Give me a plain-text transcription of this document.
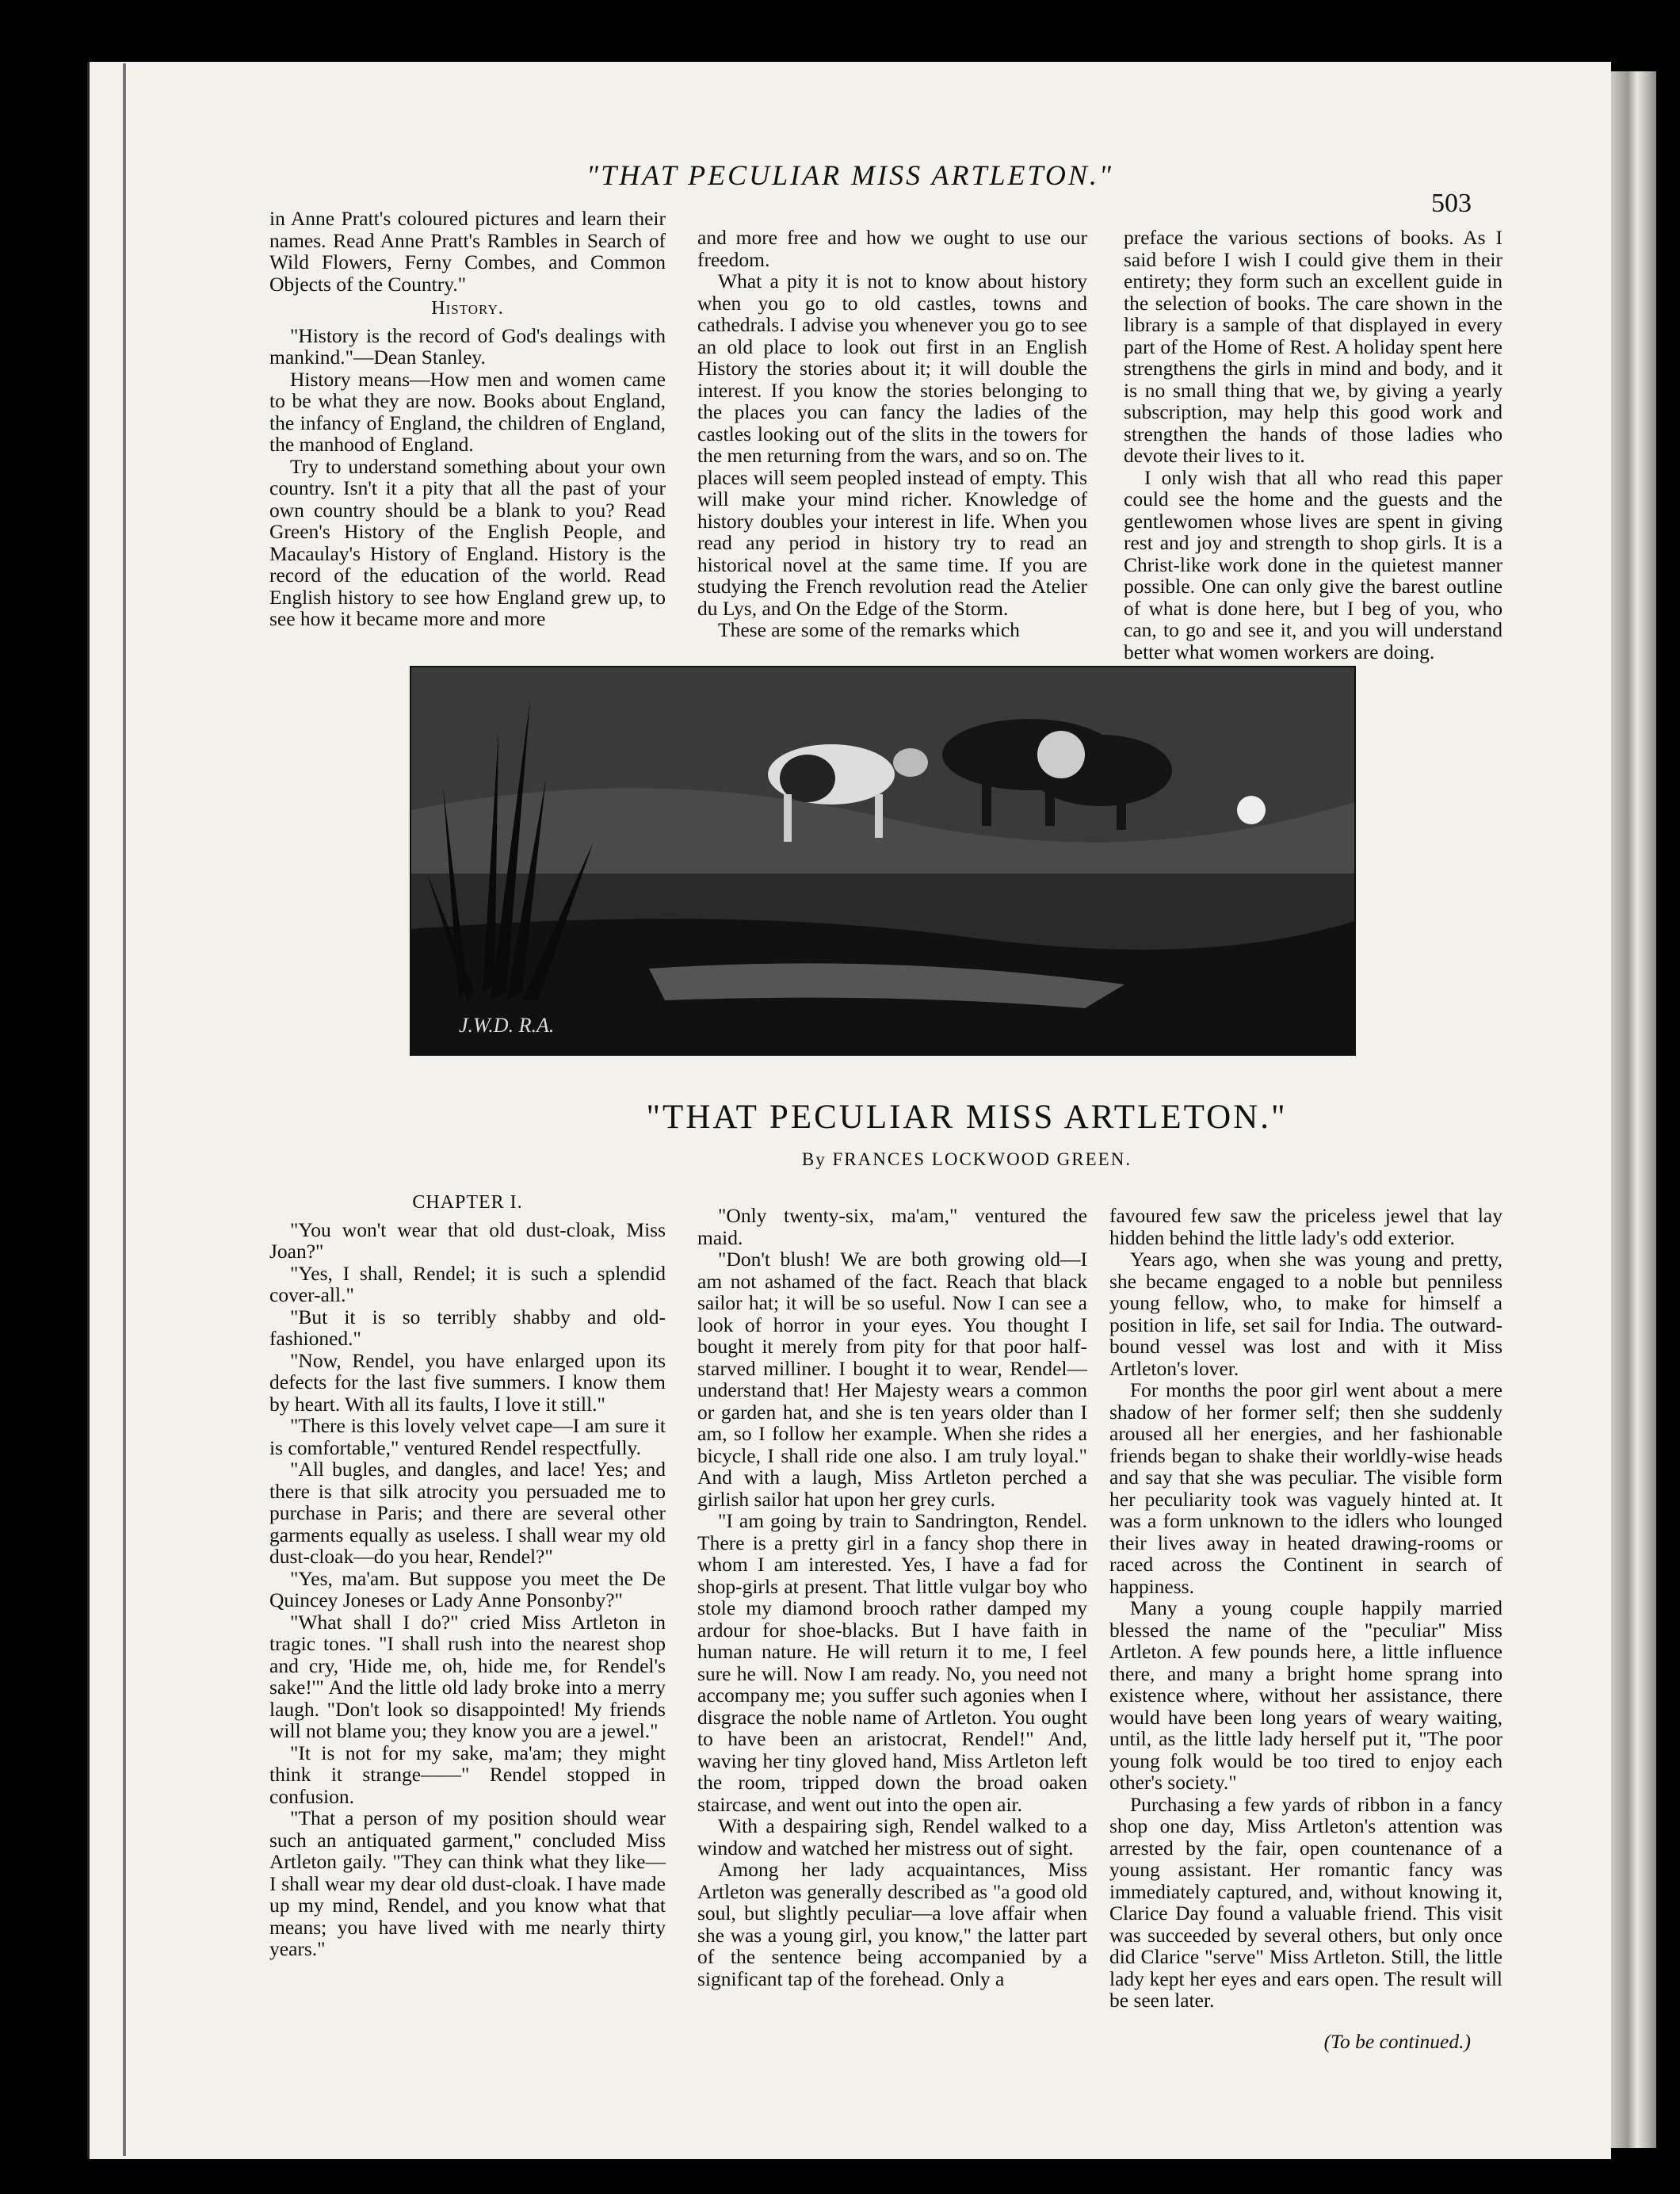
"THAT PECULIAR MISS ARTLETON."
503

in Anne Pratt's coloured pictures and learn their names. Read Anne Pratt's Rambles in Search of Wild Flowers, Ferny Combes, and Common Objects of the Country."

History.

"History is the record of God's dealings with mankind."—Dean Stanley.

History means—How men and women came to be what they are now. Books about England, the infancy of England, the children of England, the manhood of England.

Try to understand something about your own country. Isn't it a pity that all the past of your own country should be a blank to you? Read Green's History of the English People, and Macaulay's History of England. History is the record of the education of the world. Read English history to see how England grew up, to see how it became more and more

and more free and how we ought to use our freedom.

What a pity it is not to know about history when you go to old castles, towns and cathedrals. I advise you whenever you go to see an old place to look out first in an English History the stories about it; it will double the interest. If you know the stories belonging to the places you can fancy the ladies of the castles looking out of the slits in the towers for the men returning from the wars, and so on. The places will seem peopled instead of empty. This will make your mind richer. Knowledge of history doubles your interest in life. When you read any period in history try to read an historical novel at the same time. If you are studying the French revolution read the Atelier du Lys, and On the Edge of the Storm.

These are some of the remarks which

preface the various sections of books. As I said before I wish I could give them in their entirety; they form such an excellent guide in the selection of books. The care shown in the library is a sample of that displayed in every part of the Home of Rest. A holiday spent here strengthens the girls in mind and body, and it is no small thing that we, by giving a yearly subscription, may help this good work and strengthen the hands of those ladies who devote their lives to it.

I only wish that all who read this paper could see the home and the guests and the gentlewomen whose lives are spent in giving rest and joy and strength to shop girls. It is a Christ-like work done in the quietest manner possible. One can only give the barest outline of what is done here, but I beg of you, who can, to go and see it, and you will understand better what women workers are doing.

J.W.D. R.A.
"THAT PECULIAR MISS ARTLETON."
By FRANCES LOCKWOOD GREEN.
CHAPTER I.

"You won't wear that old dust-cloak, Miss Joan?"

"Yes, I shall, Rendel; it is such a splendid cover-all."

"But it is so terribly shabby and old-fashioned."

"Now, Rendel, you have enlarged upon its defects for the last five summers. I know them by heart. With all its faults, I love it still."

"There is this lovely velvet cape—I am sure it is comfortable," ventured Rendel respectfully.

"All bugles, and dangles, and lace! Yes; and there is that silk atrocity you persuaded me to purchase in Paris; and there are several other garments equally as useless. I shall wear my old dust-cloak—do you hear, Rendel?"

"Yes, ma'am. But suppose you meet the De Quincey Joneses or Lady Anne Ponsonby?"

"What shall I do?" cried Miss Artleton in tragic tones. "I shall rush into the nearest shop and cry, 'Hide me, oh, hide me, for Rendel's sake!'" And the little old lady broke into a merry laugh. "Don't look so disappointed! My friends will not blame you; they know you are a jewel."

"It is not for my sake, ma'am; they might think it strange——" Rendel stopped in confusion.

"That a person of my position should wear such an antiquated garment," concluded Miss Artleton gaily. "They can think what they like—I shall wear my dear old dust-cloak. I have made up my mind, Rendel, and you know what that means; you have lived with me nearly thirty years."

"Only twenty-six, ma'am," ventured the maid.

"Don't blush! We are both growing old—I am not ashamed of the fact. Reach that black sailor hat; it will be so useful. Now I can see a look of horror in your eyes. You thought I bought it merely from pity for that poor half-starved milliner. I bought it to wear, Rendel—understand that! Her Majesty wears a common or garden hat, and she is ten years older than I am, so I follow her example. When she rides a bicycle, I shall ride one also. I am truly loyal." And with a laugh, Miss Artleton perched a girlish sailor hat upon her grey curls.

"I am going by train to Sandrington, Rendel. There is a pretty girl in a fancy shop there in whom I am interested. Yes, I have a fad for shop-girls at present. That little vulgar boy who stole my diamond brooch rather damped my ardour for shoe-blacks. But I have faith in human nature. He will return it to me, I feel sure he will. Now I am ready. No, you need not accompany me; you suffer such agonies when I disgrace the noble name of Artleton. You ought to have been an aristocrat, Rendel!" And, waving her tiny gloved hand, Miss Artleton left the room, tripped down the broad oaken staircase, and went out into the open air.

With a despairing sigh, Rendel walked to a window and watched her mistress out of sight.

Among her lady acquaintances, Miss Artleton was generally described as "a good old soul, but slightly peculiar—a love affair when she was a young girl, you know," the latter part of the sentence being accompanied by a significant tap of the forehead. Only a

favoured few saw the priceless jewel that lay hidden behind the little lady's odd exterior.

Years ago, when she was young and pretty, she became engaged to a noble but penniless young fellow, who, to make for himself a position in life, set sail for India. The outward-bound vessel was lost and with it Miss Artleton's lover.

For months the poor girl went about a mere shadow of her former self; then she suddenly aroused all her energies, and her fashionable friends began to shake their worldly-wise heads and say that she was peculiar. The visible form her peculiarity took was vaguely hinted at. It was a form unknown to the idlers who lounged their lives away in heated drawing-rooms or raced across the Continent in search of happiness.

Many a young couple happily married blessed the name of the "peculiar" Miss Artleton. A few pounds here, a little influence there, and many a bright home sprang into existence where, without her assistance, there would have been long years of weary waiting, until, as the little lady herself put it, "The poor young folk would be too tired to enjoy each other's society."

Purchasing a few yards of ribbon in a fancy shop one day, Miss Artleton's attention was arrested by the fair, open countenance of a young assistant. Her romantic fancy was immediately captured, and, without knowing it, Clarice Day found a valuable friend. This visit was succeeded by several others, but only once did Clarice "serve" Miss Artleton. Still, the little lady kept her eyes and ears open. The result will be seen later.

(To be continued.)
